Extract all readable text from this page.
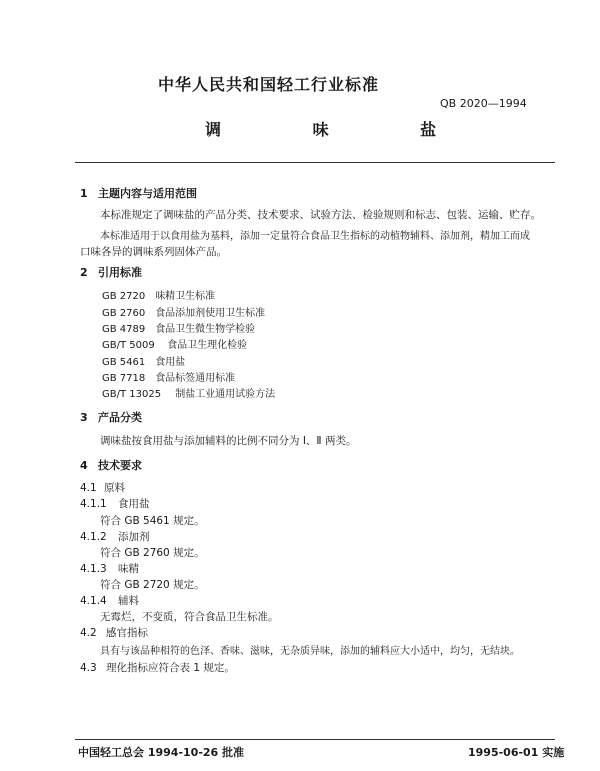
中华人民共和国轻工行业标准
QB 2020—1994
调 味 盐
1 主题内容与适用范围
本标准规定了调味盐的产品分类、技术要求、试验方法、检验规则和标志、包装、运输、贮存。
本标准适用于以食用盐为基料，添加一定量符合食品卫生指标的动植物辅料、添加剂，精加工而成
口味各异的调味系列固体产品。
2 引用标准
GB 2720 味精卫生标准
GB 2760 食品添加剂使用卫生标准
GB 4789 食品卫生微生物学检验
GB/T 5009 食品卫生理化检验
GB 5461 食用盐
GB 7718 食品标签通用标准
GB/T 13025 制盐工业通用试验方法
3 产品分类
调味盐按食用盐与添加辅料的比例不同分为 Ⅰ、Ⅱ 两类。
4 技术要求
4.1 原料
4.1.1 食用盐
符合 GB 5461 规定。
4.1.2 添加剂
符合 GB 2760 规定。
4.1.3 味精
符合 GB 2720 规定。
4.1.4 辅料
无霉烂，不变质，符合食品卫生标准。
4.2 感官指标
具有与该品种相符的色泽、香味、滋味，无杂质异味，添加的辅料应大小适中，均匀，无结块。
4.3 理化指标应符合表 1 规定。
中国轻工总会 1994-10-26 批准	1995-06-01 实施
